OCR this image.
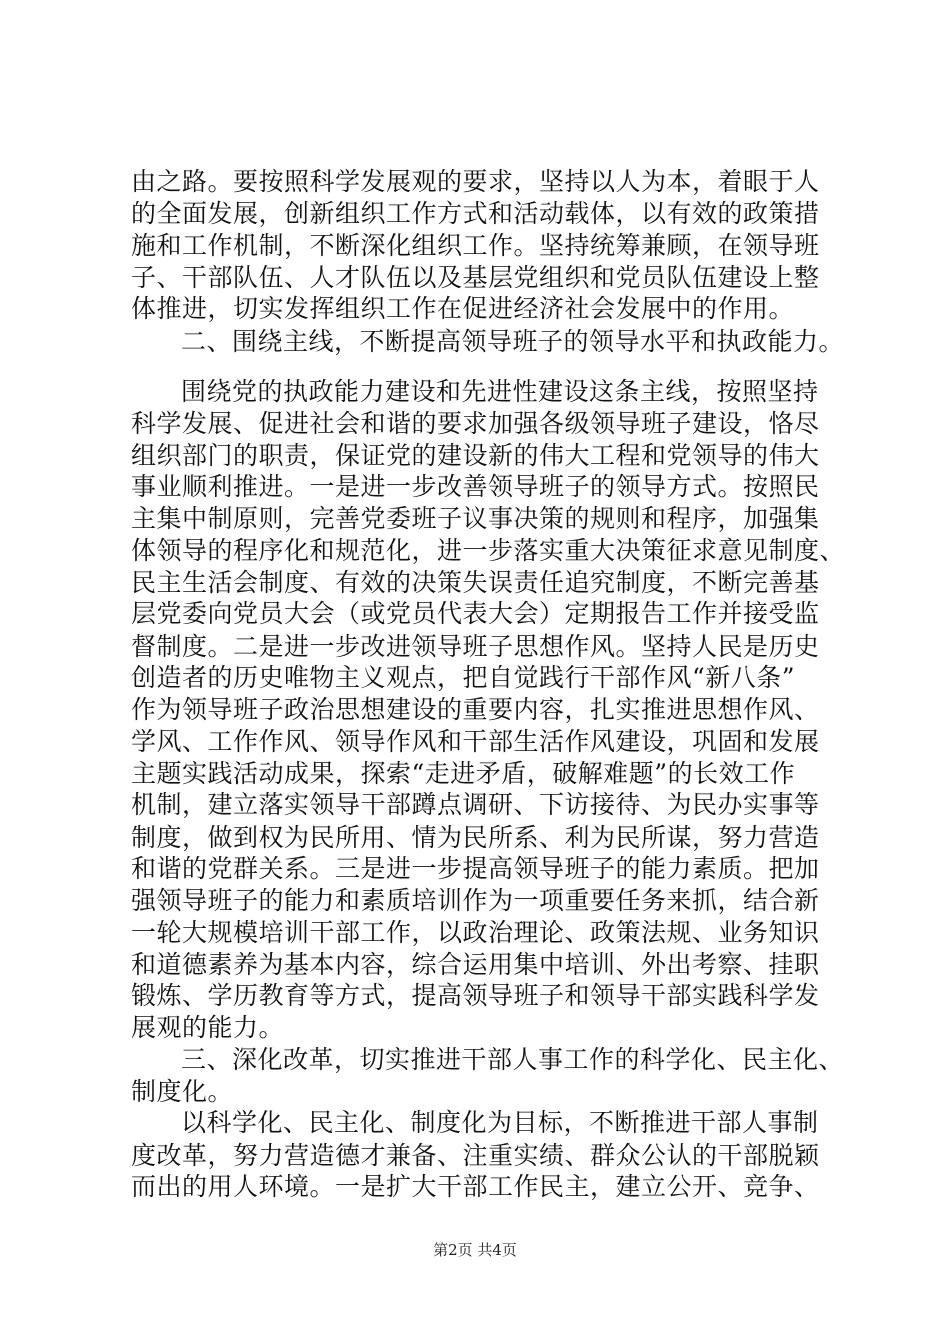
由之路。要按照科学发展观的要求，坚持以人为本，着眼于人
的全面发展，创新组织工作方式和活动载体，以有效的政策措
施和工作机制，不断深化组织工作。坚持统筹兼顾，在领导班
子、干部队伍、人才队伍以及基层党组织和党员队伍建设上整
体推进，切实发挥组织工作在促进经济社会发展中的作用。
二、围绕主线，不断提高领导班子的领导水平和执政能力。
围绕党的执政能力建设和先进性建设这条主线，按照坚持
科学发展、促进社会和谐的要求加强各级领导班子建设，恪尽
组织部门的职责，保证党的建设新的伟大工程和党领导的伟大
事业顺利推进。一是进一步改善领导班子的领导方式。按照民
主集中制原则，完善党委班子议事决策的规则和程序，加强集
体领导的程序化和规范化，进一步落实重大决策征求意见制度、
民主生活会制度、有效的决策失误责任追究制度，不断完善基
层党委向党员大会（或党员代表大会）定期报告工作并接受监
督制度。二是进一步改进领导班子思想作风。坚持人民是历史
创造者的历史唯物主义观点，把自觉践行干部作风“新八条”
作为领导班子政治思想建设的重要内容，扎实推进思想作风、
学风、工作作风、领导作风和干部生活作风建设，巩固和发展
主题实践活动成果，探索“走进矛盾，破解难题”的长效工作
机制，建立落实领导干部蹲点调研、下访接待、为民办实事等
制度，做到权为民所用、情为民所系、利为民所谋，努力营造
和谐的党群关系。三是进一步提高领导班子的能力素质。把加
强领导班子的能力和素质培训作为一项重要任务来抓，结合新
一轮大规模培训干部工作，以政治理论、政策法规、业务知识
和道德素养为基本内容，综合运用集中培训、外出考察、挂职
锻炼、学历教育等方式，提高领导班子和领导干部实践科学发
展观的能力。
三、深化改革，切实推进干部人事工作的科学化、民主化、
制度化。
以科学化、民主化、制度化为目标，不断推进干部人事制
度改革，努力营造德才兼备、注重实绩、群众公认的干部脱颖
而出的用人环境。一是扩大干部工作民主，建立公开、竞争、
第2页 共4页
